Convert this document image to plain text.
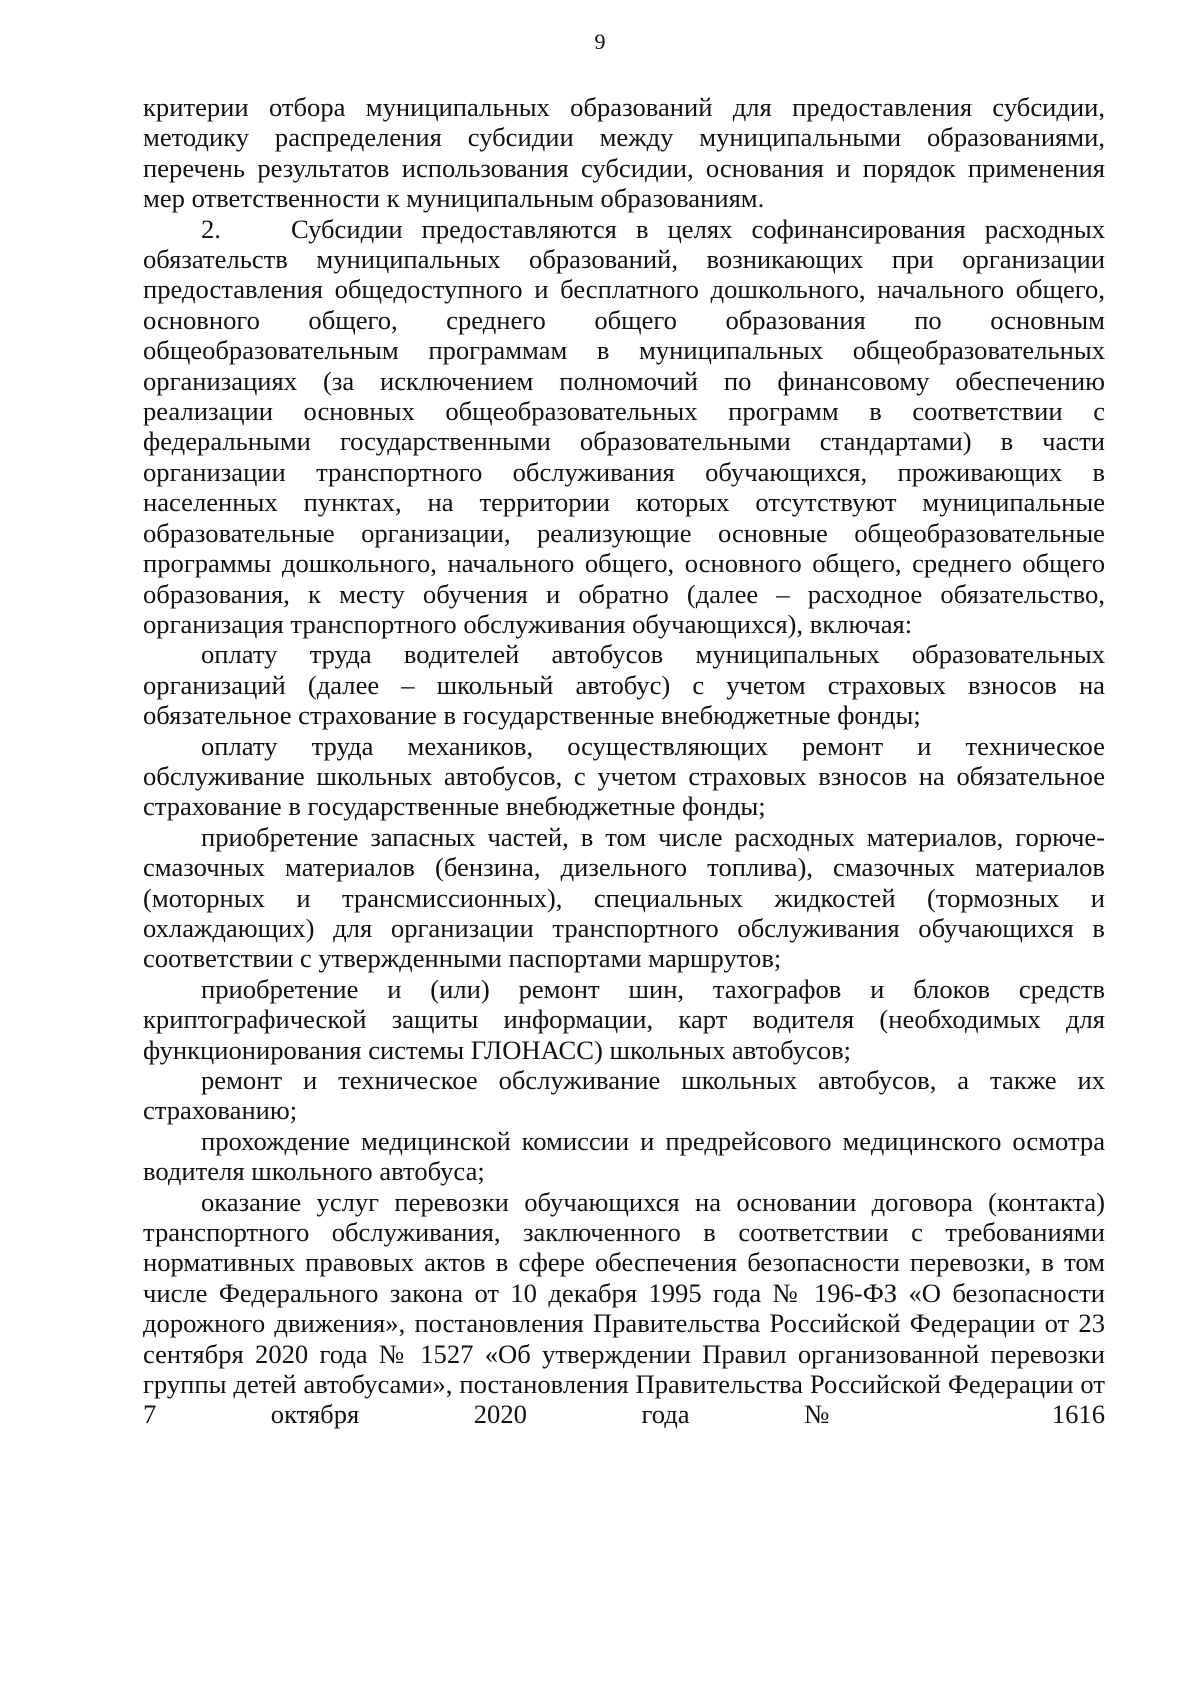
9

критерии отбора муниципальных образований для предоставления субсидии, методику распределения субсидии между муниципальными образованиями, перечень результатов использования субсидии, основания и порядок применения мер ответственности к муниципальным образованиям.

2.	Субсидии предоставляются в целях софинансирования расходных обязательств муниципальных образований, возникающих при организации предоставления общедоступного и бесплатного дошкольного, начального общего, основного общего, среднего общего образования по основным общеобразовательным программам в муниципальных общеобразовательных организациях (за исключением полномочий по финансовому обеспечению реализации основных общеобразовательных программ в соответствии с федеральными государственными образовательными стандартами) в части организации транспортного обслуживания обучающихся, проживающих в населенных пунктах, на территории которых отсутствуют муниципальные образовательные организации, реализующие основные общеобразовательные программы дошкольного, начального общего, основного общего, среднего общего образования, к месту обучения и обратно (далее – расходное обязательство, организация транспортного обслуживания обучающихся), включая:

оплату труда водителей автобусов муниципальных образовательных организаций (далее – школьный автобус) с учетом страховых взносов на обязательное страхование в государственные внебюджетные фонды;

оплату труда механиков, осуществляющих ремонт и техническое обслуживание школьных автобусов, с учетом страховых взносов на обязательное страхование в государственные внебюджетные фонды;

приобретение запасных частей, в том числе расходных материалов, горюче-смазочных материалов (бензина, дизельного топлива), смазочных материалов (моторных и трансмиссионных), специальных жидкостей (тормозных и охлаждающих) для организации транспортного обслуживания обучающихся в соответствии с утвержденными паспортами маршрутов;

приобретение и (или) ремонт шин, тахографов и блоков средств криптографической защиты информации, карт водителя (необходимых для функционирования системы ГЛОНАСС) школьных автобусов;

ремонт и техническое обслуживание школьных автобусов, а также их страхованию;

прохождение медицинской комиссии и предрейсового медицинского осмотра водителя школьного автобуса;

оказание услуг перевозки обучающихся на основании договора (контакта) транспортного обслуживания, заключенного в соответствии с требованиями нормативных правовых актов в сфере обеспечения безопасности перевозки, в том числе Федерального закона от 10 декабря 1995 года № 196-ФЗ «О безопасности дорожного движения», постановления Правительства Российской Федерации от 23 сентября 2020 года № 1527 «Об утверждении Правил организованной перевозки группы детей автобусами», постановления Правительства Российской Федерации от 7 октября 2020 года № 1616
